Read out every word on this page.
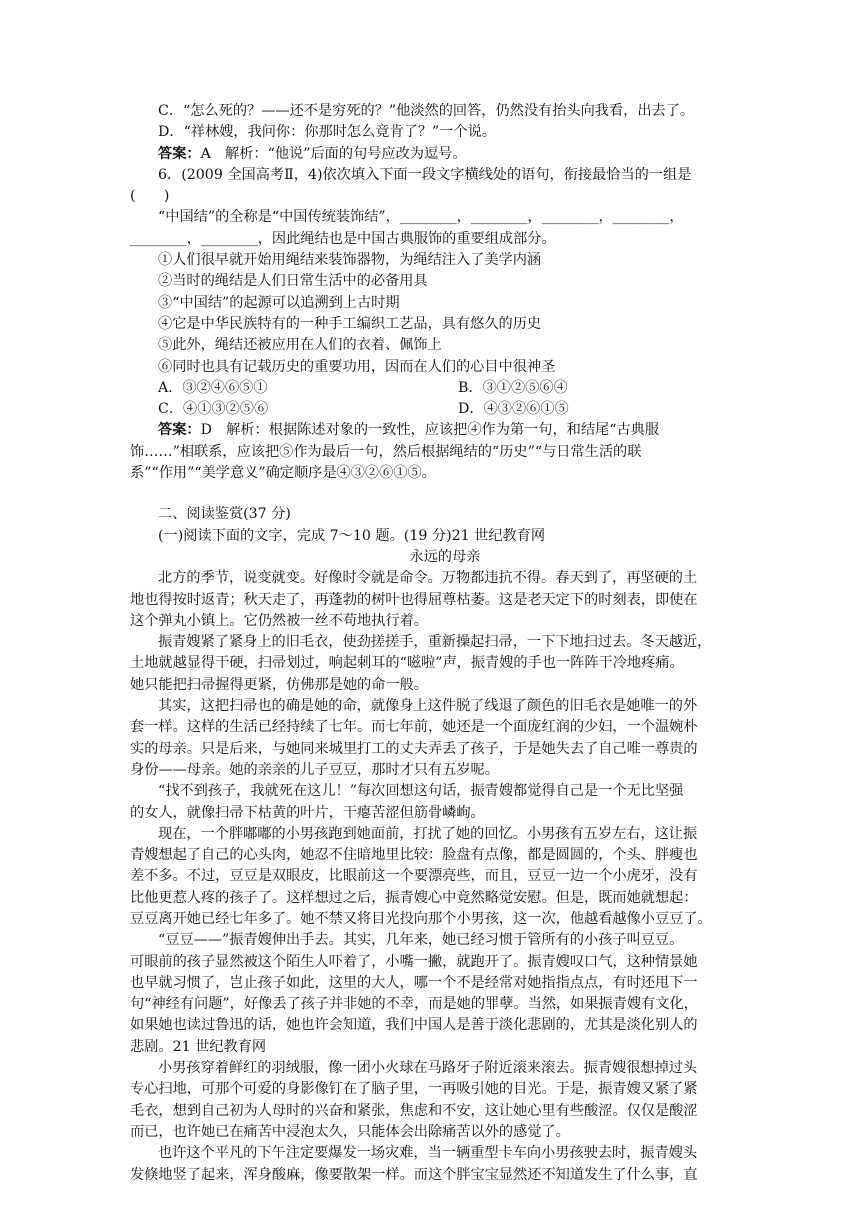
C．“怎么死的？——还不是穷死的？”他淡然的回答，仍然没有抬头向我看，出去了。
D．“祥林嫂，我问你：你那时怎么竟肯了？”一个说。
答案：A　解析：“他说”后面的句号应改为逗号。
6．(2009 全国高考Ⅱ，4)依次填入下面一段文字横线处的语句，衔接最恰当的一组是
(　　)
“中国结”的全称是“中国传统装饰结”，________，________，________，________，
________，________，因此绳结也是中国古典服饰的重要组成部分。
①人们很早就开始用绳结来装饰器物，为绳结注入了美学内涵
②当时的绳结是人们日常生活中的必备用具
③“中国结”的起源可以追溯到上古时期
④它是中华民族特有的一种手工编织工艺品，具有悠久的历史
⑤此外，绳结还被应用在人们的衣着、佩饰上
⑥同时也具有记载历史的重要功用，因而在人们的心目中很神圣
A．③②④⑥⑤①	B．③①②⑤⑥④
C．④①③②⑤⑥	D．④③②⑥①⑤
答案：D　解析：根据陈述对象的一致性，应该把④作为第一句，和结尾“古典服
饰……”相联系，应该把⑤作为最后一句，然后根据绳结的“历史”“与日常生活的联
系”“作用”“美学意义”确定顺序是④③②⑥①⑤。
二、阅读鉴赏(37 分)
(一)阅读下面的文字，完成 7～10 题。(19 分)21 世纪教育网
永远的母亲
北方的季节，说变就变。好像时令就是命令。万物都违抗不得。春天到了，再坚硬的土
地也得按时返青；秋天走了，再蓬勃的树叶也得屈尊枯萎。这是老天定下的时刻表，即使在
这个弹丸小镇上。它仍然被一丝不苟地执行着。
振青嫂紧了紧身上的旧毛衣，使劲搓搓手，重新操起扫帚，一下下地扫过去。冬天越近，
土地就越显得干硬，扫帚划过，响起刺耳的“嗞啦”声，振青嫂的手也一阵阵干冷地疼痛。
她只能把扫帚握得更紧，仿佛那是她的命一般。
其实，这把扫帚也的确是她的命，就像身上这件脱了线退了颜色的旧毛衣是她唯一的外
套一样。这样的生活已经持续了七年。而七年前，她还是一个面庞红润的少妇，一个温婉朴
实的母亲。只是后来，与她同来城里打工的丈夫弄丢了孩子，于是她失去了自己唯一尊贵的
身份——母亲。她的亲亲的儿子豆豆，那时才只有五岁呢。
“找不到孩子，我就死在这儿！”每次回想这句话，振青嫂都觉得自己是一个无比坚强
的女人，就像扫帚下枯黄的叶片，干瘪苦涩但筋骨嶙峋。
现在，一个胖嘟嘟的小男孩跑到她面前，打扰了她的回忆。小男孩有五岁左右，这让振
青嫂想起了自己的心头肉，她忍不住暗地里比较：脸盘有点像，都是圆圆的，个头、胖瘦也
差不多。不过，豆豆是双眼皮，比眼前这一个要漂亮些，而且，豆豆一边一个小虎牙，没有
比他更惹人疼的孩子了。这样想过之后，振青嫂心中竟然略觉安慰。但是，既而她就想起：
豆豆离开她已经七年多了。她不禁又将目光投向那个小男孩，这一次，他越看越像小豆豆了。
“豆豆——”振青嫂伸出手去。其实，几年来，她已经习惯于管所有的小孩子叫豆豆。
可眼前的孩子显然被这个陌生人吓着了，小嘴一撇，就跑开了。振青嫂叹口气，这种情景她
也早就习惯了，岂止孩子如此，这里的大人，哪一个不是经常对她指指点点，有时还甩下一
句“神经有问题”，好像丢了孩子并非她的不幸，而是她的罪孽。当然，如果振青嫂有文化，
如果她也读过鲁迅的话，她也许会知道，我们中国人是善于淡化悲剧的，尤其是淡化别人的
悲剧。21 世纪教育网
小男孩穿着鲜红的羽绒服，像一团小火球在马路牙子附近滚来滚去。振青嫂很想掉过头
专心扫地，可那个可爱的身影像钉在了脑子里，一再吸引她的目光。于是，振青嫂又紧了紧
毛衣，想到自己初为人母时的兴奋和紧张，焦虑和不安，这让她心里有些酸涩。仅仅是酸涩
而已，也许她已在痛苦中浸泡太久，只能体会出除痛苦以外的感觉了。
也许这个平凡的下午注定要爆发一场灾难，当一辆重型卡车向小男孩驶去时，振青嫂头
发倏地竖了起来，浑身酸麻，像要散架一样。而这个胖宝宝显然还不知道发生了什么事，直
